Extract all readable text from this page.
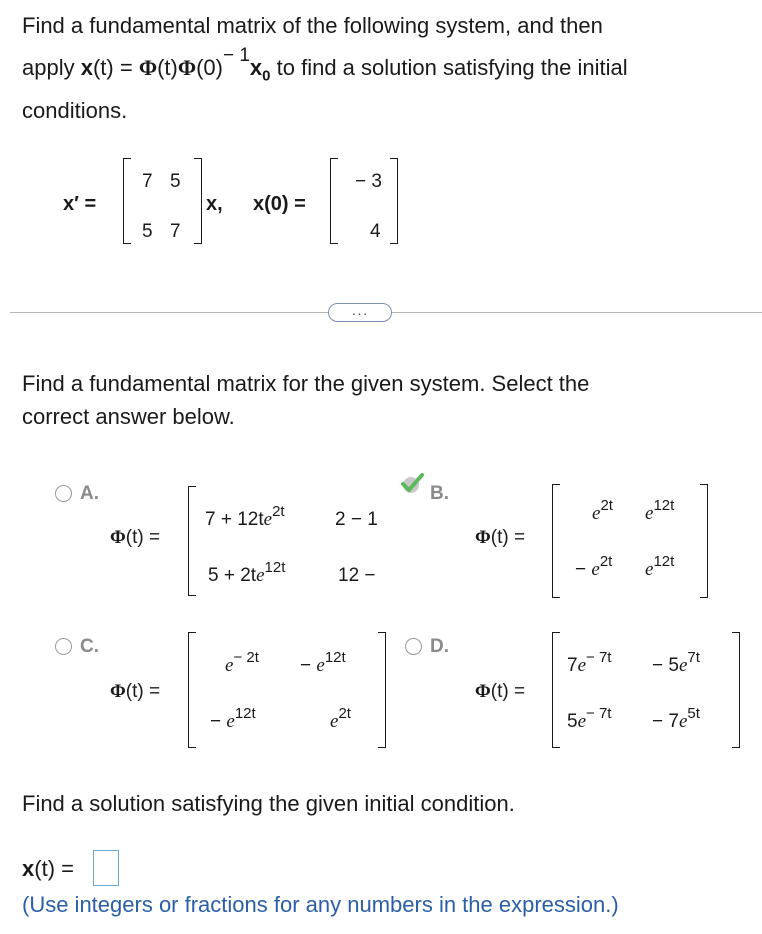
Find a fundamental matrix of the following system, and then
apply $x(t) = \Phi(t)\Phi(0)^{- 1}x_0$ to find a solution satisfying the initial
conditions.
x′ =
7 5
5 7
x, x(0) =
− 3
4
···
Find a fundamental matrix for the given system. Select the
correct answer below.
A.
Φ(t) =
$7 + 12te^{2t}$	2 − 1
$5 + 2te^{12t}$	12 −
B.
Φ(t) =
$e^{2t}$ $e^{12t}$
− $e^{2t}$ $e^{12t}$
C.
Φ(t) =
$e^{- 2t} - e^{12t}$
− $e^{12t}$	$e^{2t}$
D.
Φ(t) =
$7e^{- 7t} - 5e^{7t}$
$5e^{- 7t} - 7e^{5t}$
Find a solution satisfying the given initial condition.
x(t) =
(Use integers or fractions for any numbers in the expression.)
